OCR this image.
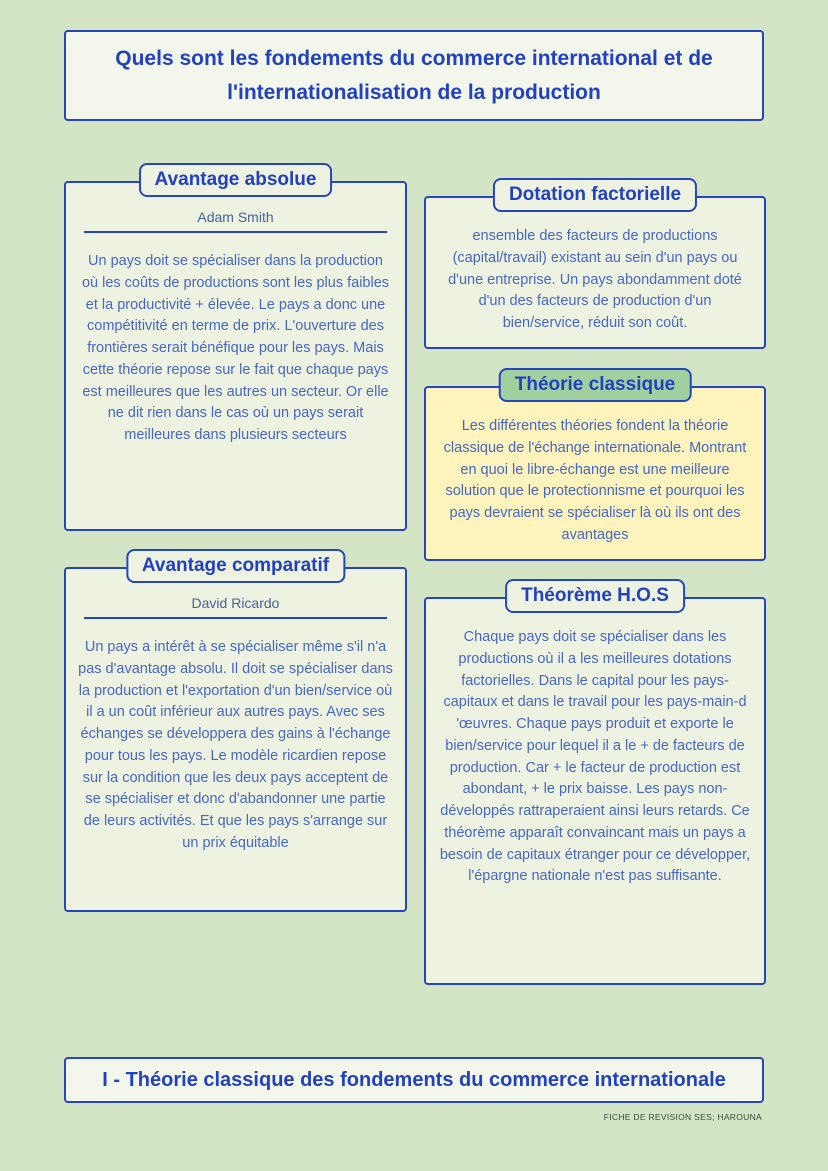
Quels sont les fondements du commerce international et de l'internationalisation de la production
Avantage absolue
Adam Smith
Un pays doit se spécialiser dans la production où les coûts de productions sont les plus faibles et la productivité + élevée. Le pays a donc une compétitivité en terme de prix. L'ouverture des frontières serait bénéfique pour les pays. Mais cette théorie repose sur le fait que chaque pays est meilleures que les autres un secteur. Or elle ne dit rien dans le cas où un pays serait meilleures dans plusieurs secteurs
Avantage comparatif
David Ricardo
Un pays a intérêt à se spécialiser même s'il n'a pas d'avantage absolu. Il doit se spécialiser dans la production et l'exportation d'un bien/service où il a un coût inférieur aux autres pays. Avec ses échanges se développera des gains à l'échange pour tous les pays. Le modèle ricardien repose sur la condition que les deux pays acceptent de se spécialiser et donc d'abandonner une partie de leurs activités. Et que les pays s'arrange sur un prix équitable
Dotation factorielle
ensemble des facteurs de productions (capital/travail) existant au sein d'un pays ou d'une entreprise. Un pays abondamment doté d'un des facteurs de production d'un bien/service, réduit son coût.
Théorie classique
Les différentes théories fondent la théorie classique de l'échange internationale. Montrant en quoi le libre-échange est une meilleure solution que le protectionnisme et pourquoi les pays devraient se spécialiser là où ils ont des avantages
Théorème H.O.S
Chaque pays doit se spécialiser dans les productions où il a les meilleures dotations factorielles. Dans le capital pour les pays-capitaux et dans le travail pour les pays-main-d 'œuvres. Chaque pays produit et exporte le bien/service pour lequel il a le + de facteurs de production. Car + le facteur de production est abondant, + le prix baisse. Les pays non-développés rattraperaient ainsi leurs retards. Ce théorème apparaît convaincant mais un pays a besoin de capitaux étranger pour ce développer, l'épargne nationale n'est pas suffisante.
I - Théorie classique des fondements du commerce internationale
FICHE DE REVISION SES; HAROUNA
